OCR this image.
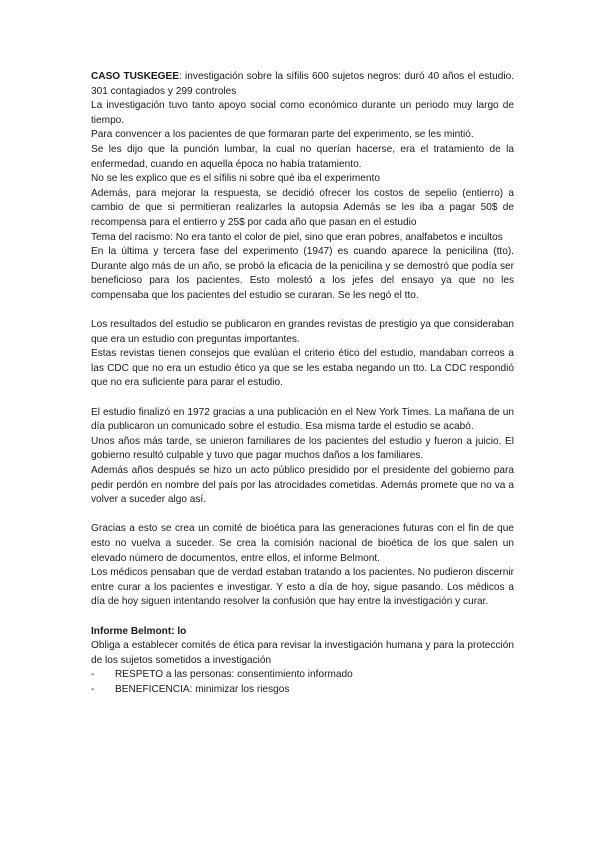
CASO TUSKEGEE: investigación sobre la sífilis 600 sujetos negros: duró 40 años el estudio. 301 contagiados y 299 controles

La investigación tuvo tanto apoyo social como económico durante un periodo muy largo de tiempo.

Para convencer a los pacientes de que formaran parte del experimento, se les mintió.

Se les dijo que la punción lumbar, la cual no querían hacerse, era el tratamiento de la enfermedad, cuando en aquella época no había tratamiento.

No se les explico que es el sífilis ni sobre qué iba el experimento

Además, para mejorar la respuesta, se decidió ofrecer los costos de sepelio (entierro) a cambio de que si permitieran realizarles la autopsia Además se les iba a pagar 50$ de recompensa para el entierro y 25$ por cada año que pasan en el estudio

Tema del racismo: No era tanto el color de piel, sino que eran pobres, analfabetos e incultos

En la última y tercera fase del experimento (1947) es cuando aparece la penicilina (tto). Durante algo más de un año, se probó la eficacia de la penicilina y se demostró que podía ser beneficioso para los pacientes. Esto molestó a los jefes del ensayo ya que no les compensaba que los pacientes del estudio se curaran. Se les negó el tto.

Los resultados del estudio se publicaron en grandes revistas de prestigio ya que consideraban que era un estudio con preguntas importantes.

Estas revistas tienen consejos que evalúan el criterio ético del estudio, mandaban correos a las CDC que no era un estudio ético ya que se les estaba negando un tto. La CDC respondió que no era suficiente para parar el estudio.

El estudio finalizó en 1972 gracias a una publicación en el New York Times. La mañana de un día publicaron un comunicado sobre el estudio. Esa misma tarde el estudio se acabó.

Unos años más tarde, se unieron familiares de los pacientes del estudio y fueron a juicio. El gobierno resultó culpable y tuvo que pagar muchos daños a los familiares.

Además años después se hizo un acto público presidido por el presidente del gobierno para pedir perdón en nombre del país por las atrocidades cometidas. Además promete que no va a volver a suceder algo así.

Gracias a esto se crea un comité de bioética para las generaciones futuras con el fin de que esto no vuelva a suceder. Se crea la comisión nacional de bioética de los que salen un elevado número de documentos, entre ellos, el informe Belmont.

Los médicos pensaban que de verdad estaban tratando a los pacientes. No pudieron discernir entre curar a los pacientes e investigar. Y esto a día de hoy, sigue pasando. Los médicos a día de hoy siguen intentando resolver la confusión que hay entre la investigación y curar.

Informe Belmont: lo

Obliga a establecer comités de ética para revisar la investigación humana y para la protección de los sujetos sometidos a investigación

-	RESPETO a las personas: consentimiento informado
-	BENEFICENCIA: minimizar los riesgos
